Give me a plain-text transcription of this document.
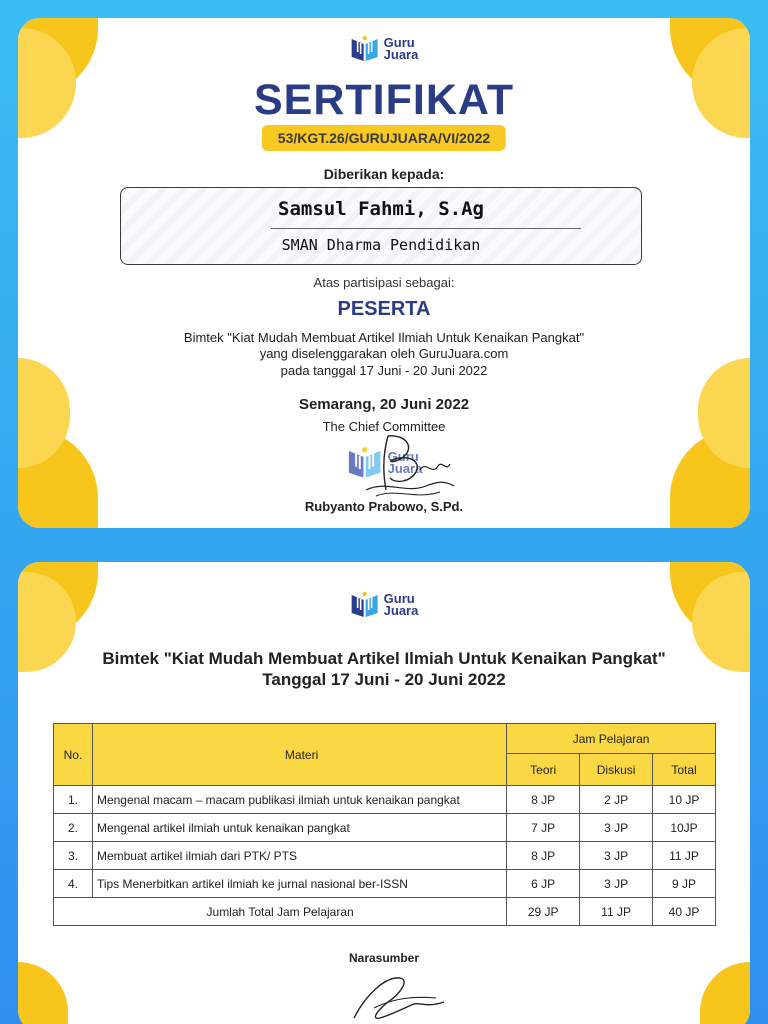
Guru
Juara
SERTIFIKAT
53/KGT.26/GURUJUARA/VI/2022
Diberikan kepada:
Samsul Fahmi, S.Ag
SMAN Dharma Pendidikan
Atas partisipasi sebagai:
PESERTA
Bimtek "Kiat Mudah Membuat Artikel Ilmiah Untuk Kenaikan Pangkat"
yang diselenggarakan oleh GuruJuara.com
pada tanggal 17 Juni - 20 Juni 2022
Semarang, 20 Juni 2022
The Chief Committee
Guru
Juara
Rubyanto Prabowo, S.Pd.
Guru
Juara
Bimtek "Kiat Mudah Membuat Artikel Ilmiah Untuk Kenaikan Pangkat"
Tanggal 17 Juni - 20 Juni 2022
No.	Materi	Jam Pelajaran		
		Teori	Diskusi	Total
1.	Mengenal macam – macam publikasi ilmiah untuk kenaikan pangkat	8 JP	2 JP	10 JP
2.	Mengenal artikel ilmiah untuk kenaikan pangkat	7 JP	3 JP	10JP
3.	Membuat artikel ilmiah dari PTK/ PTS	8 JP	3 JP	11 JP
4.	Tips Menerbitkan artikel ilmiah ke jurnal nasional ber-ISSN	6 JP	3 JP	9 JP
Jumlah Total Jam Pelajaran		29 JP	11 JP	40 JP
Narasumber
